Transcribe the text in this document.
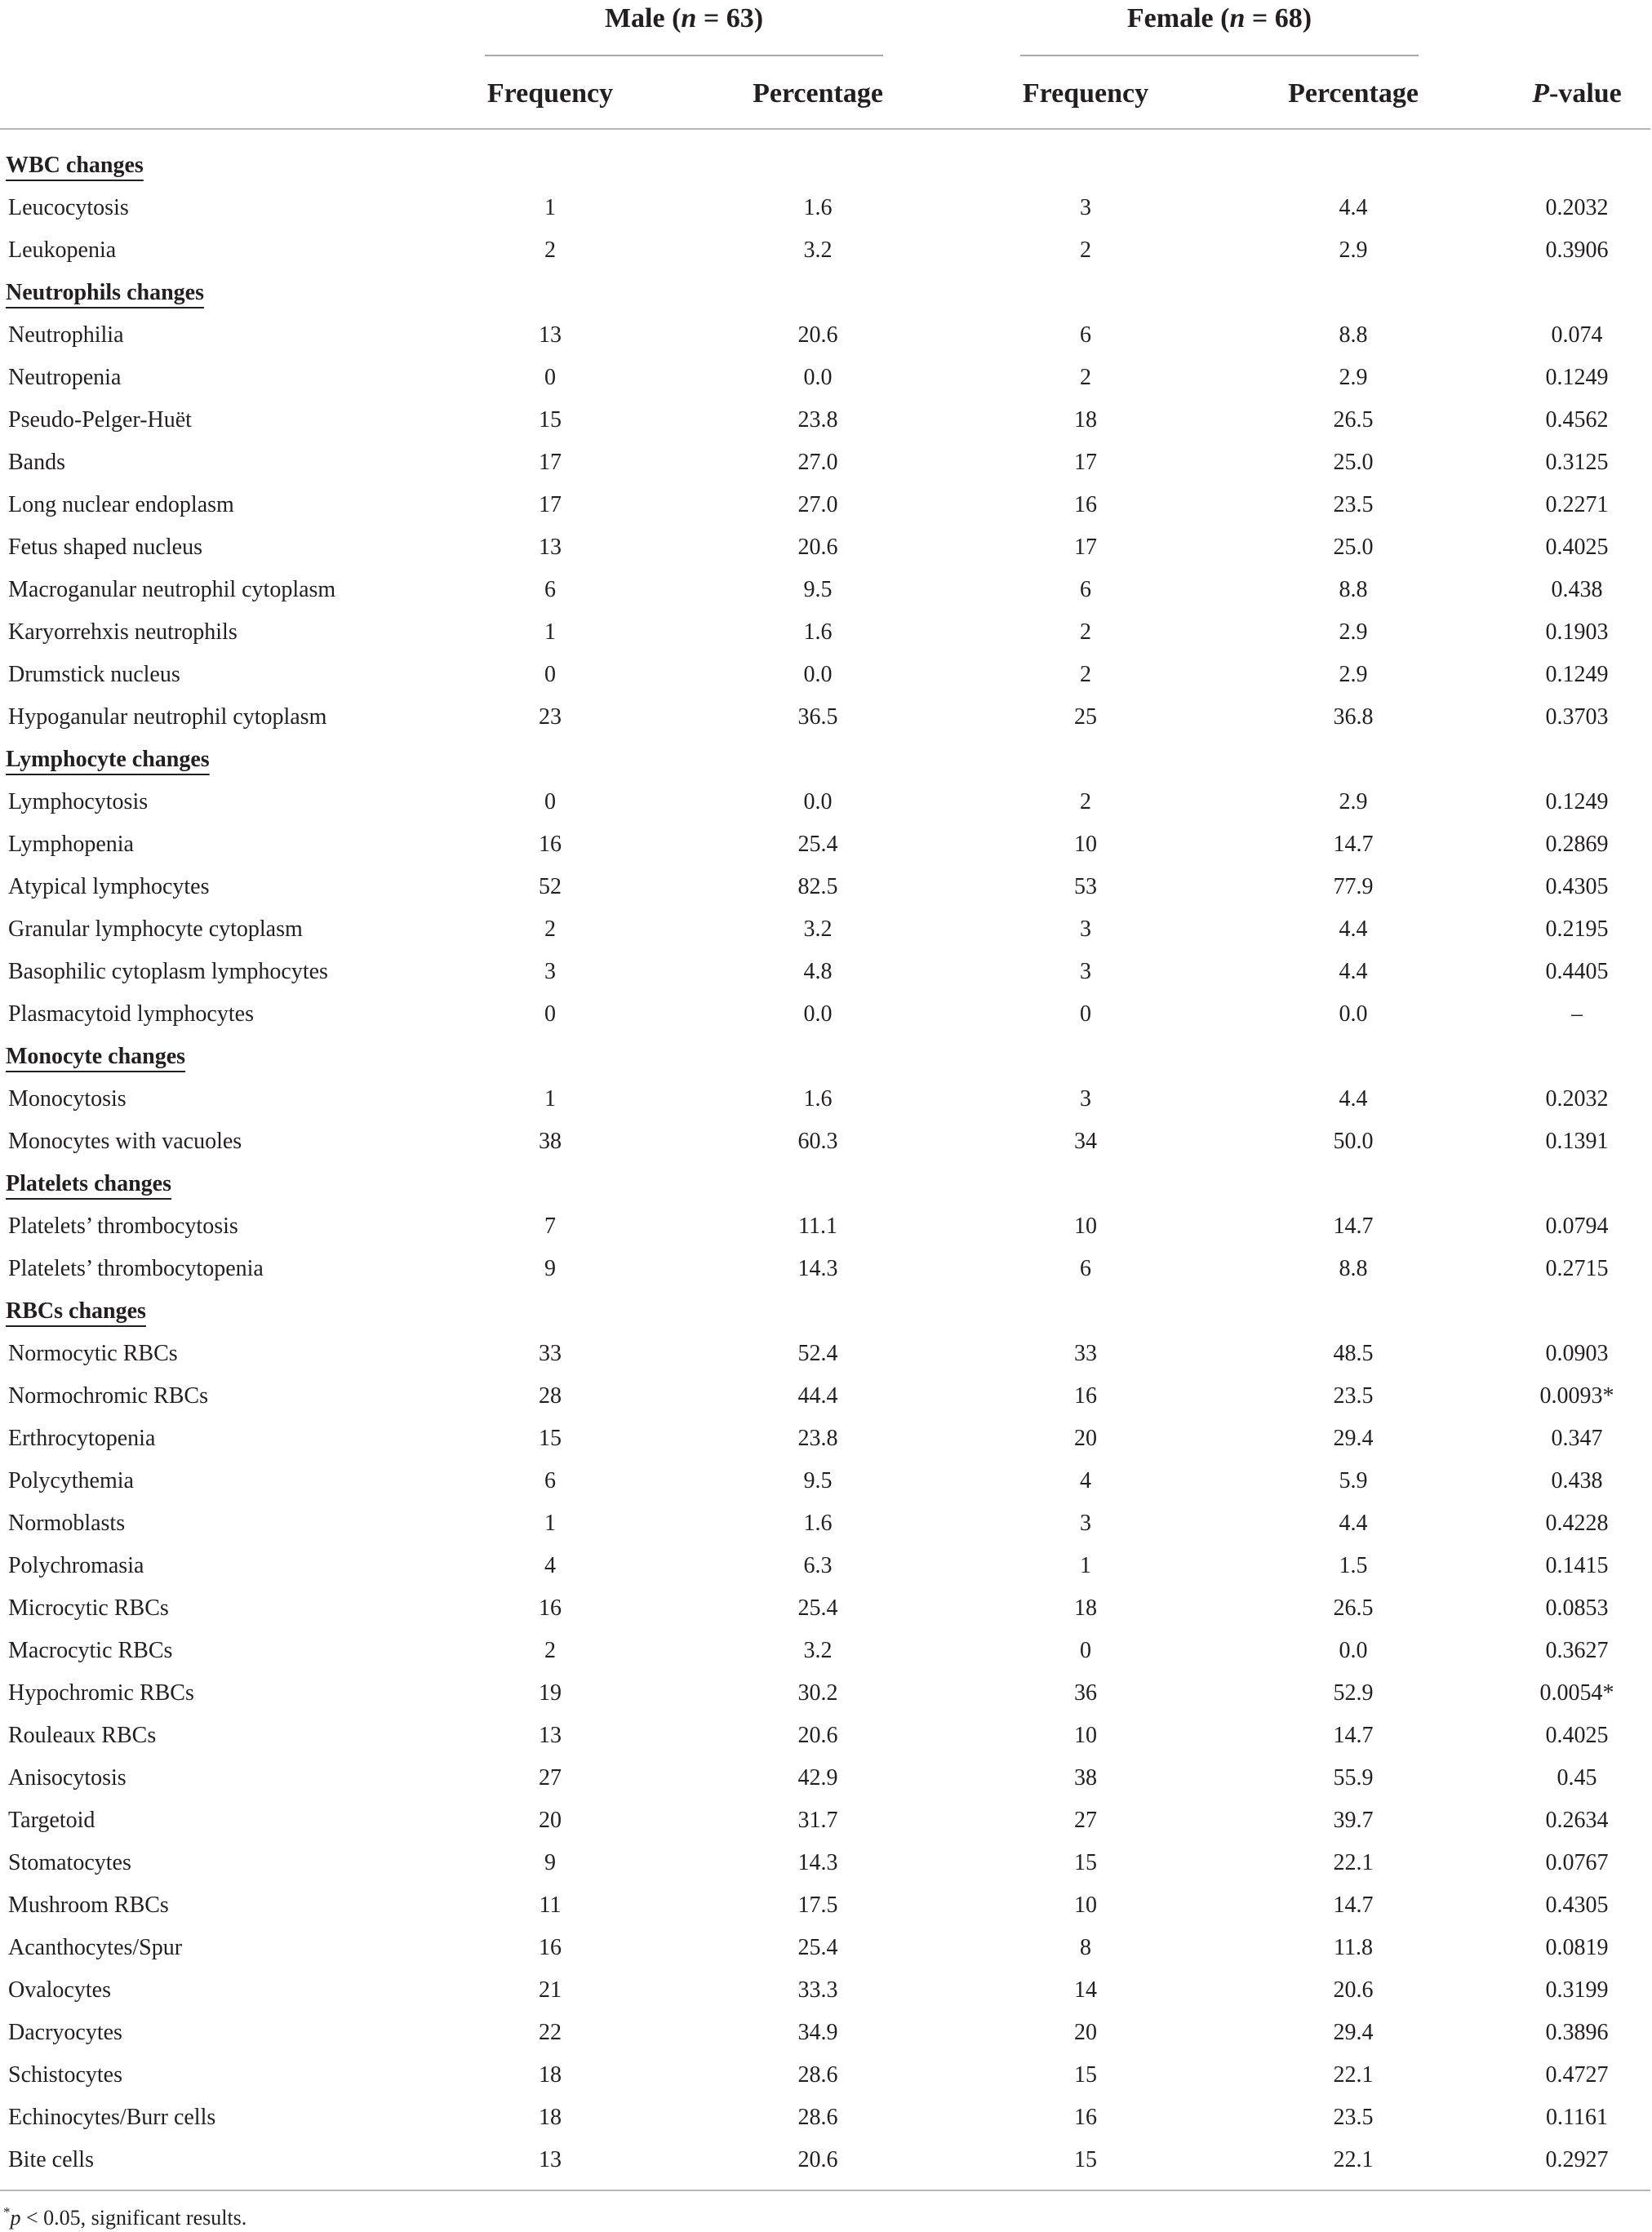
Male (n = 63)	Female (n = 68)
Frequency	Percentage	Frequency	Percentage	P-value
WBC changes
Leucocytosis	1	1.6	3	4.4	0.2032
Leukopenia	2	3.2	2	2.9	0.3906
Neutrophils changes
Neutrophilia	13	20.6	6	8.8	0.074
Neutropenia	0	0.0	2	2.9	0.1249
Pseudo-Pelger-Huët	15	23.8	18	26.5	0.4562
Bands	17	27.0	17	25.0	0.3125
Long nuclear endoplasm	17	27.0	16	23.5	0.2271
Fetus shaped nucleus	13	20.6	17	25.0	0.4025
Macroganular neutrophil cytoplasm	6	9.5	6	8.8	0.438
Karyorrehxis neutrophils	1	1.6	2	2.9	0.1903
Drumstick nucleus	0	0.0	2	2.9	0.1249
Hypoganular neutrophil cytoplasm	23	36.5	25	36.8	0.3703
Lymphocyte changes
Lymphocytosis	0	0.0	2	2.9	0.1249
Lymphopenia	16	25.4	10	14.7	0.2869
Atypical lymphocytes	52	82.5	53	77.9	0.4305
Granular lymphocyte cytoplasm	2	3.2	3	4.4	0.2195
Basophilic cytoplasm lymphocytes	3	4.8	3	4.4	0.4405
Plasmacytoid lymphocytes	0	0.0	0	0.0	–
Monocyte changes
Monocytosis	1	1.6	3	4.4	0.2032
Monocytes with vacuoles	38	60.3	34	50.0	0.1391
Platelets changes
Platelets’ thrombocytosis	7	11.1	10	14.7	0.0794
Platelets’ thrombocytopenia	9	14.3	6	8.8	0.2715
RBCs changes
Normocytic RBCs	33	52.4	33	48.5	0.0903
Normochromic RBCs	28	44.4	16	23.5	0.0093*
Erthrocytopenia	15	23.8	20	29.4	0.347
Polycythemia	6	9.5	4	5.9	0.438
Normoblasts	1	1.6	3	4.4	0.4228
Polychromasia	4	6.3	1	1.5	0.1415
Microcytic RBCs	16	25.4	18	26.5	0.0853
Macrocytic RBCs	2	3.2	0	0.0	0.3627
Hypochromic RBCs	19	30.2	36	52.9	0.0054*
Rouleaux RBCs	13	20.6	10	14.7	0.4025
Anisocytosis	27	42.9	38	55.9	0.45
Targetoid	20	31.7	27	39.7	0.2634
Stomatocytes	9	14.3	15	22.1	0.0767
Mushroom RBCs	11	17.5	10	14.7	0.4305
Acanthocytes/Spur	16	25.4	8	11.8	0.0819
Ovalocytes	21	33.3	14	20.6	0.3199
Dacryocytes	22	34.9	20	29.4	0.3896
Schistocytes	18	28.6	15	22.1	0.4727
Echinocytes/Burr cells	18	28.6	16	23.5	0.1161
Bite cells	13	20.6	15	22.1	0.2927
*p < 0.05, significant results.
